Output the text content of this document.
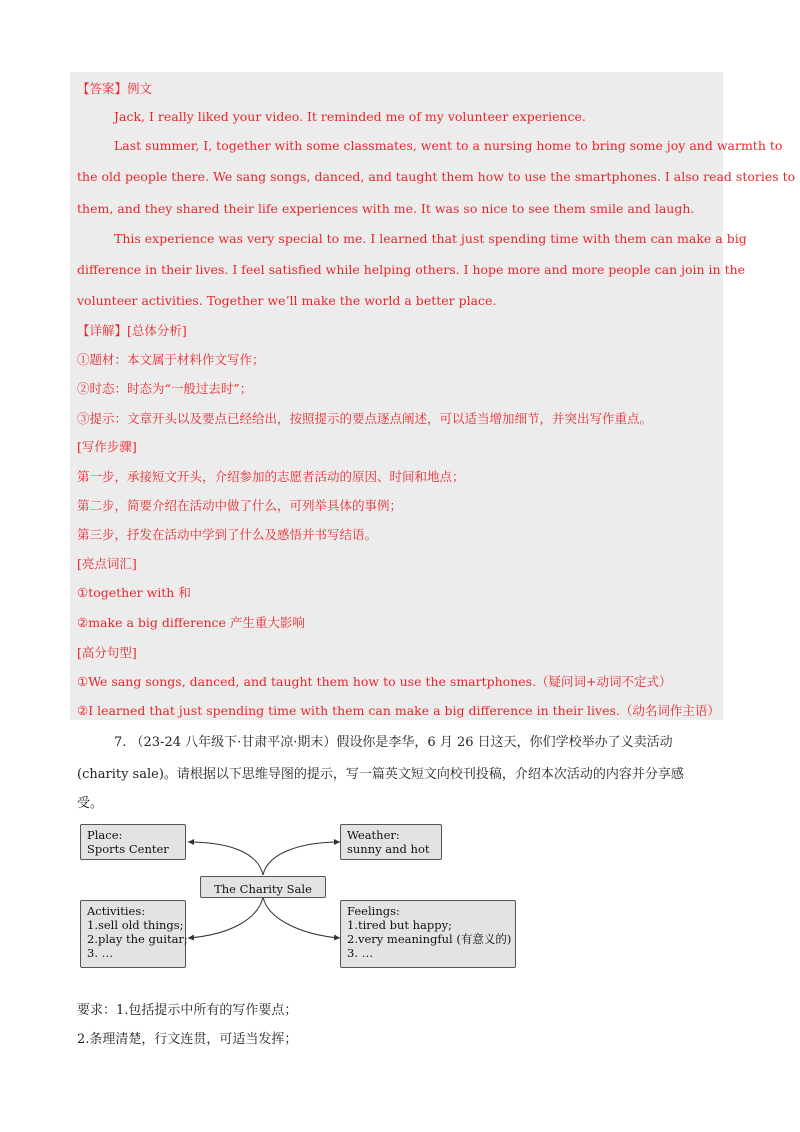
【答案】例文
Jack, I really liked your video. It reminded me of my volunteer experience.
Last summer, I, together with some classmates, went to a nursing home to bring some joy and warmth to
the old people there. We sang songs, danced, and taught them how to use the smartphones. I also read stories to
them, and they shared their life experiences with me. It was so nice to see them smile and laugh.
This experience was very special to me. I learned that just spending time with them can make a big
difference in their lives. I feel satisfied while helping others. I hope more and more people can join in the
volunteer activities. Together we’ll make the world a better place.
【详解】[总体分析]
①题材：本文属于材料作文写作；
②时态：时态为“一般过去时”；
③提示：文章开头以及要点已经给出，按照提示的要点逐点阐述，可以适当增加细节，并突出写作重点。
[写作步骤]
第一步，承接短文开头，介绍参加的志愿者活动的原因、时间和地点；
第二步，简要介绍在活动中做了什么，可列举具体的事例；
第三步，抒发在活动中学到了什么及感悟并书写结语。
[亮点词汇]
①together with 和
②make a big difference 产生重大影响
[高分句型]
①We sang songs, danced, and taught them how to use the smartphones.（疑问词+动词不定式）
②I learned that just spending time with them can make a big difference in their lives.（动名词作主语）
7. （23-24 八年级下·甘肃平凉·期末）假设你是李华，6 月 26 日这天，你们学校举办了义卖活动
(charity sale)。请根据以下思维导图的提示，写一篇英文短文向校刊投稿，介绍本次活动的内容并分享感
受。
Place:
Sports Center
Weather:
sunny and hot
The Charity Sale
Activities:
1.sell old things;
2.play the guitar;
3. …
Feelings:
1.tired but happy;
2.very meaningful (有意义的)
3. …
要求：1.包括提示中所有的写作要点；
2.条理清楚，行文连贯，可适当发挥；
